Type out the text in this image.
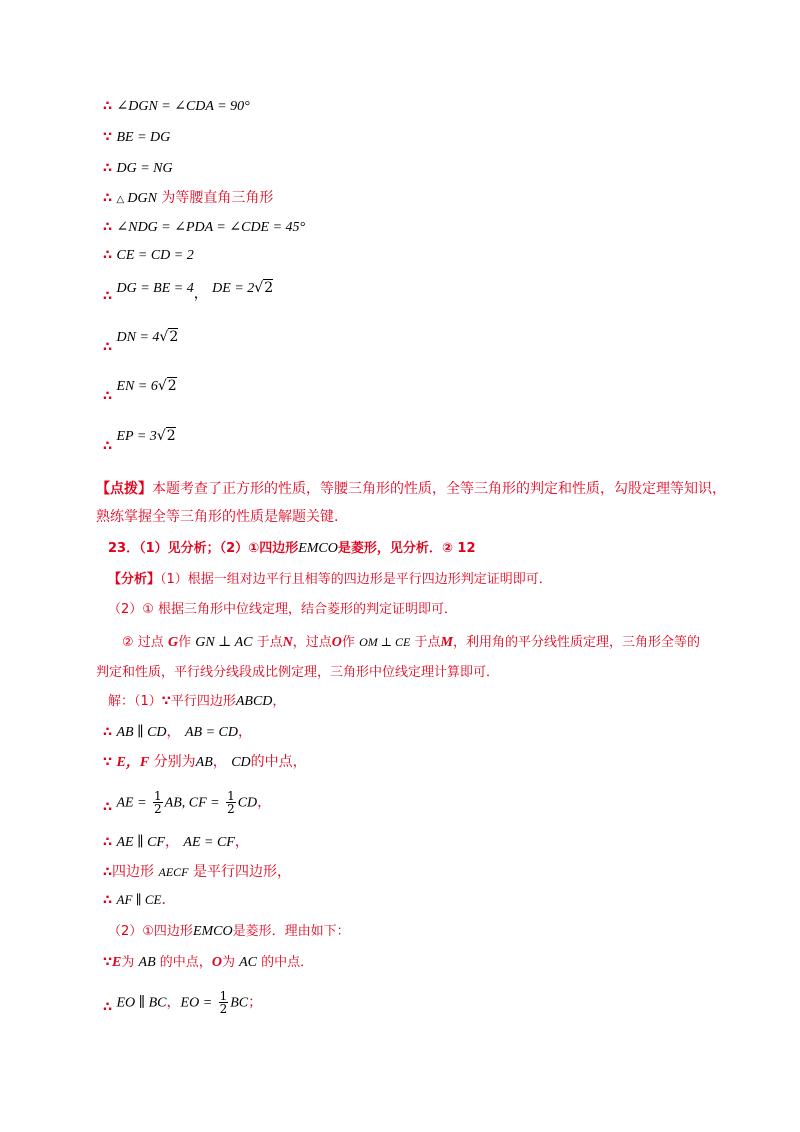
∴ ∠DGN = ∠CDA = 90°
∵ BE = DG
∴ DG = NG
∴ △ DGN 为等腰直角三角形
∴ ∠NDG = ∠PDA = ∠CDE = 45°
∴ CE = CD = 2
∴ DG = BE = 4， DE = 2√2
∴ DN = 4√2
∴ EN = 6√2
∴ EP = 3√2
【点拨】本题考查了正方形的性质，等腰三角形的性质，全等三角形的判定和性质，勾股定理等知识，
熟练掌握全等三角形的性质是解题关键.
23．（1）见分析；（2）①四边形EMCO是菱形，见分析．② 12
【分析】（1）根据一组对边平行且相等的四边形是平行四边形判定证明即可．
（2）① 根据三角形中位线定理，结合菱形的判定证明即可．
② 过点 G作 GN ⊥ AC 于点N，过点O作 OM ⊥ CE 于点M，利用角的平分线性质定理，三角形全等的
判定和性质，平行线分线段成比例定理，三角形中位线定理计算即可．
解：（1）∵平行四边形ABCD，
∴ AB ∥ CD， AB = CD，
∵ E，F 分别为AB， CD的中点，
∴ AE = $\frac{1}{2}$ AB, CF = $\frac{1}{2}$ CD，
∴ AE ∥ CF， AE = CF，
∴四边形 AECF 是平行四边形，
∴ AF ∥ CE．
（2）①四边形EMCO是菱形．理由如下：
∵E为 AB 的中点，O为 AC 的中点．
∴ EO ∥ BC，EO = $\frac{1}{2}$ BC；
